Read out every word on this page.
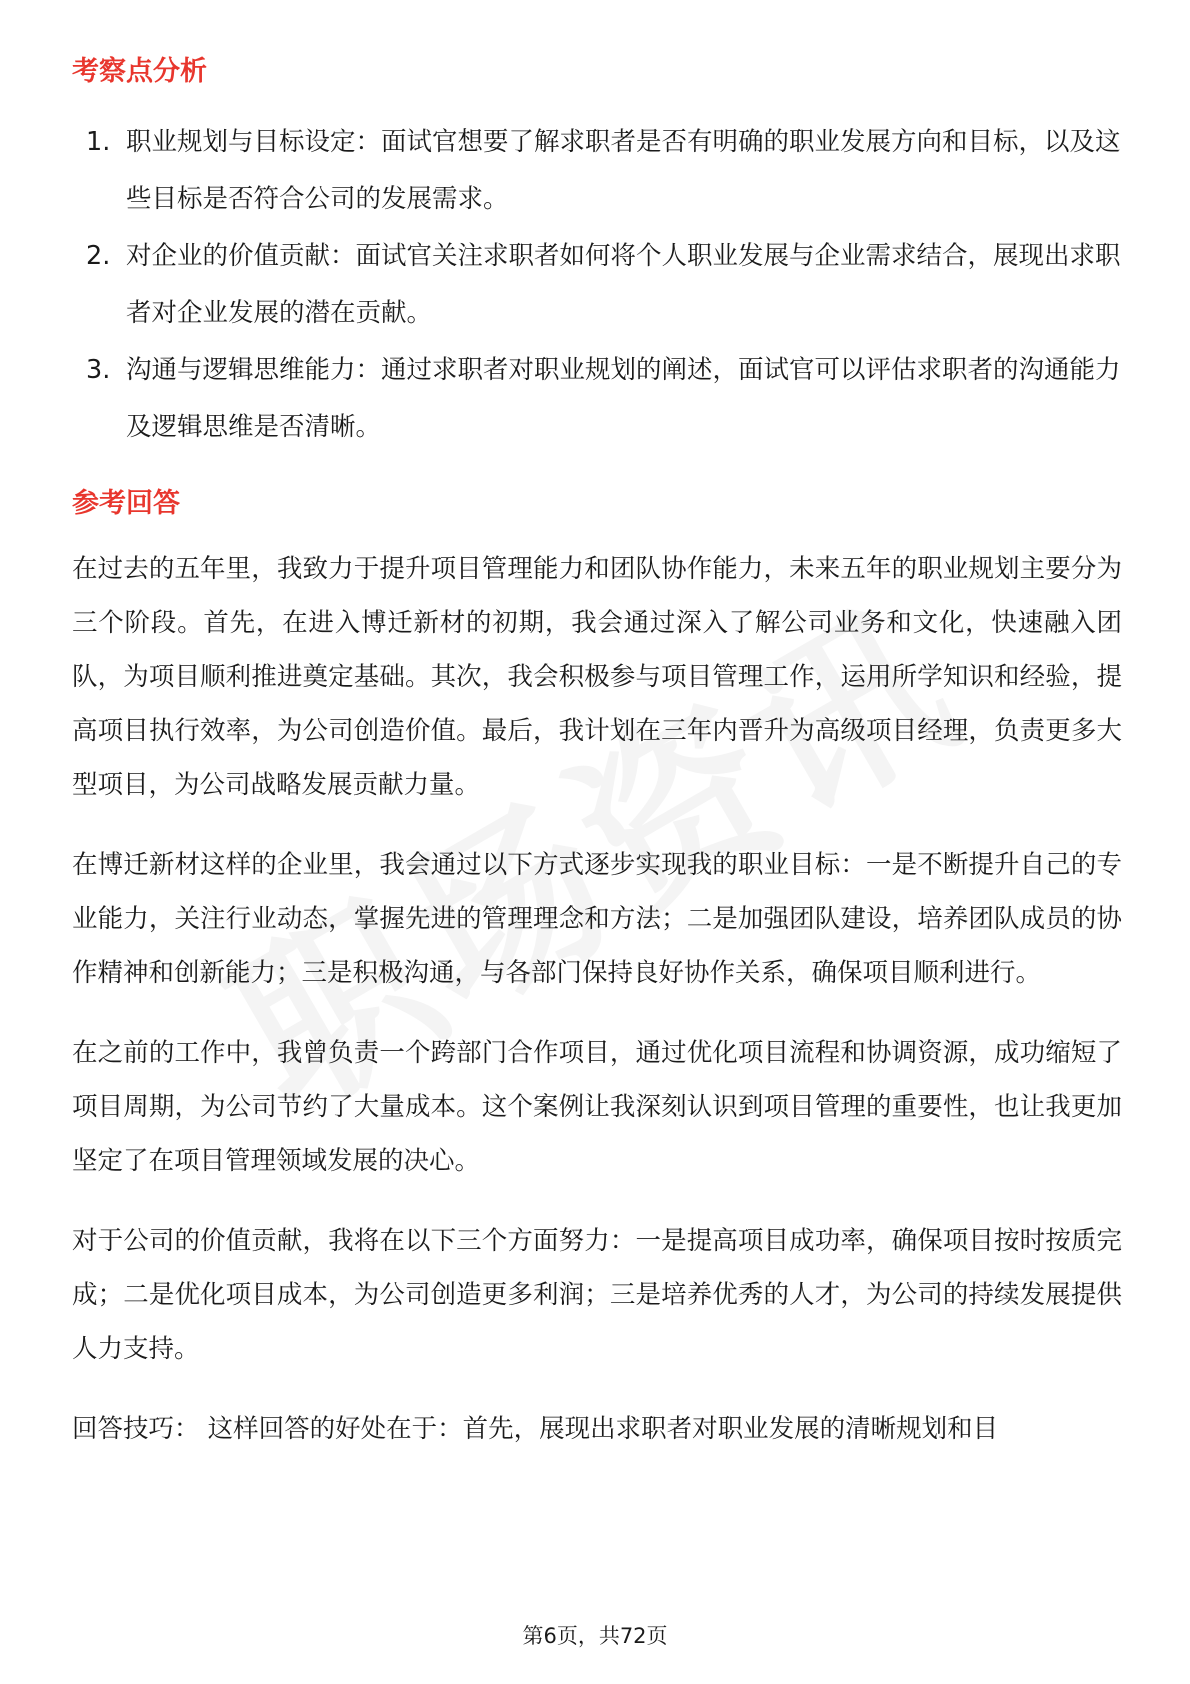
考察点分析
1. 职业规划与目标设定：面试官想要了解求职者是否有明确的职业发展方向和目标，以及这些目标是否符合公司的发展需求。
2. 对企业的价值贡献：面试官关注求职者如何将个人职业发展与企业需求结合，展现出求职者对企业发展的潜在贡献。
3. 沟通与逻辑思维能力：通过求职者对职业规划的阐述，面试官可以评估求职者的沟通能力及逻辑思维是否清晰。
参考回答

在过去的五年里，我致力于提升项目管理能力和团队协作能力，未来五年的职业规划主要分为三个阶段。首先，在进入博迁新材的初期，我会通过深入了解公司业务和文化，快速融入团队，为项目顺利推进奠定基础。其次，我会积极参与项目管理工作，运用所学知识和经验，提高项目执行效率，为公司创造价值。最后，我计划在三年内晋升为高级项目经理，负责更多大型项目，为公司战略发展贡献力量。

在博迁新材这样的企业里，我会通过以下方式逐步实现我的职业目标：一是不断提升自己的专业能力，关注行业动态，掌握先进的管理理念和方法；二是加强团队建设，培养团队成员的协作精神和创新能力；三是积极沟通，与各部门保持良好协作关系，确保项目顺利进行。

在之前的工作中，我曾负责一个跨部门合作项目，通过优化项目流程和协调资源，成功缩短了项目周期，为公司节约了大量成本。这个案例让我深刻认识到项目管理的重要性，也让我更加坚定了在项目管理领域发展的决心。

对于公司的价值贡献，我将在以下三个方面努力：一是提高项目成功率，确保项目按时按质完成；二是优化项目成本，为公司创造更多利润；三是培养优秀的人才，为公司的持续发展提供人力支持。

回答技巧： 这样回答的好处在于：首先，展现出求职者对职业发展的清晰规划和目

第6页，共72页
